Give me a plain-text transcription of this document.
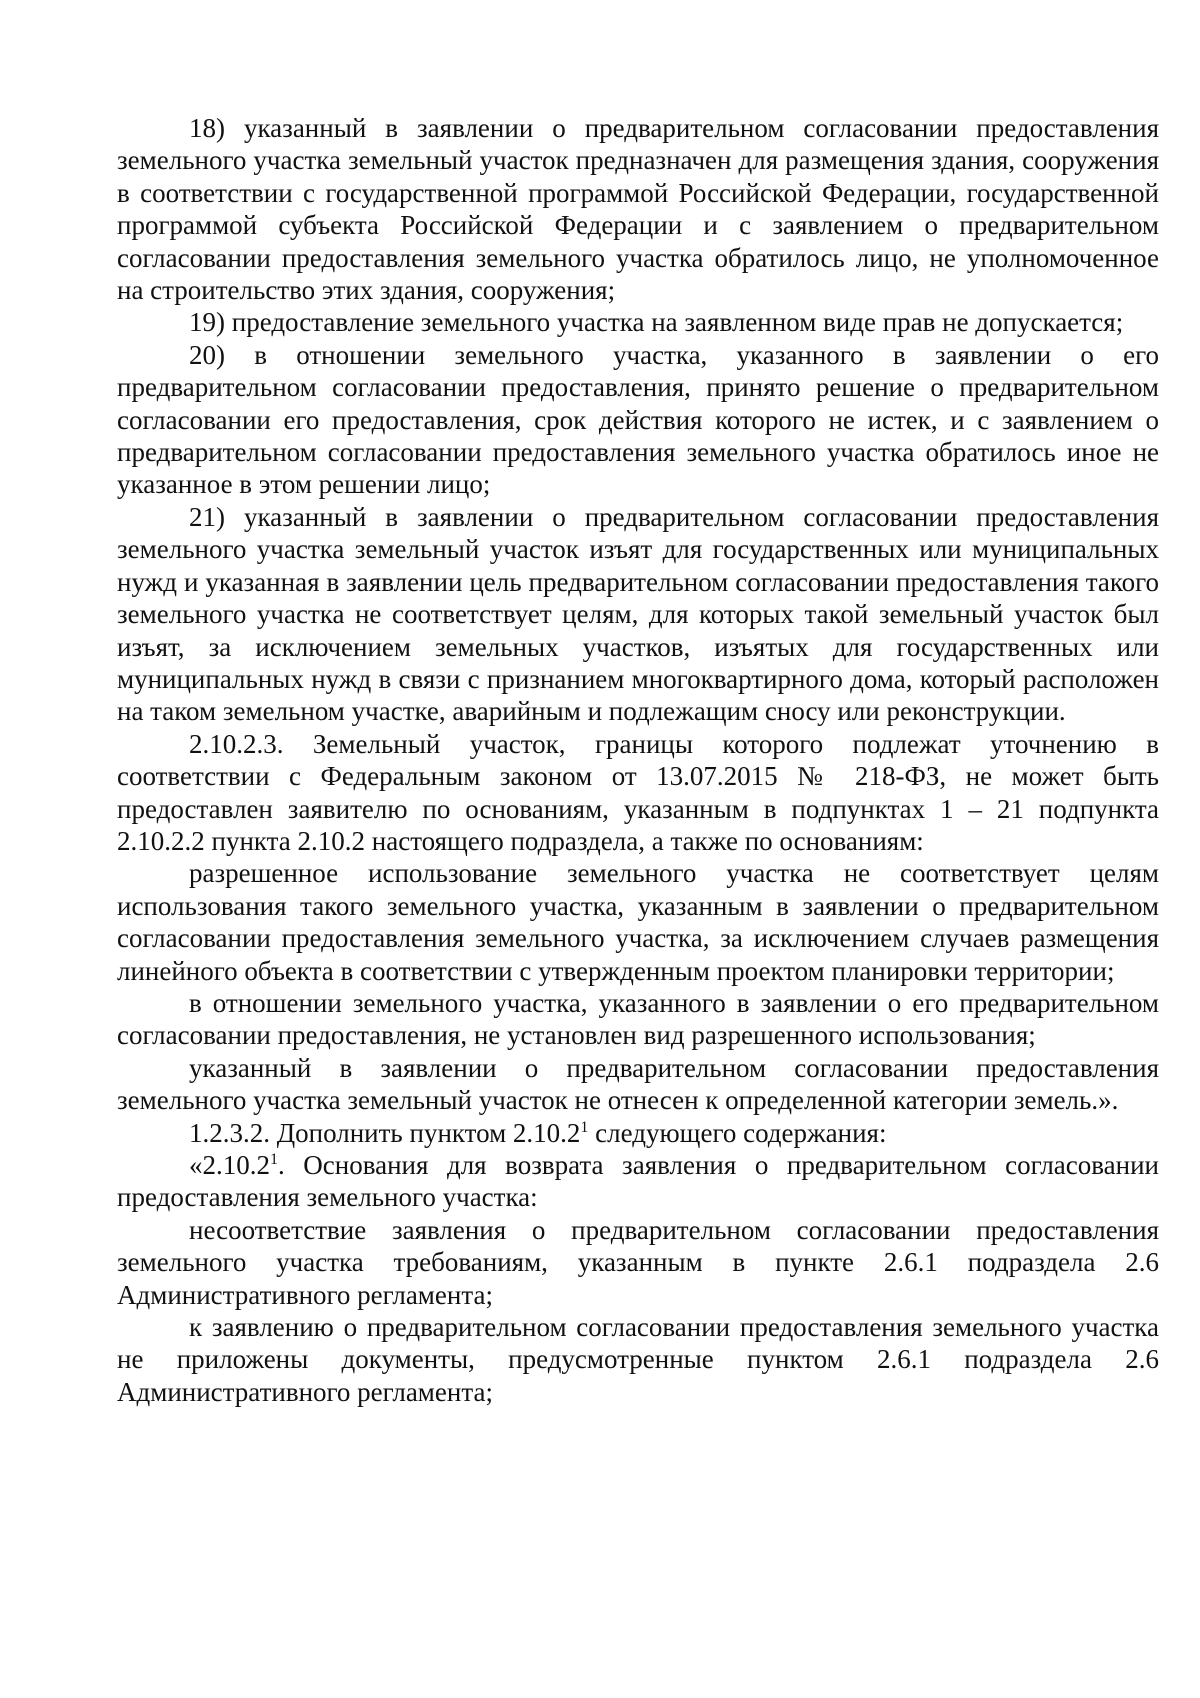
18) указанный в заявлении о предварительном согласовании предоставления земельного участка земельный участок предназначен для размещения здания, сооружения в соответствии с государственной программой Российской Федерации, государственной программой субъекта Российской Федерации и с заявлением о предварительном согласовании предоставления земельного участка обратилось лицо, не уполномоченное на строительство этих здания, сооружения;

19) предоставление земельного участка на заявленном виде прав не допускается;

20) в отношении земельного участка, указанного в заявлении о его предварительном согласовании предоставления, принято решение о предварительном согласовании его предоставления, срок действия которого не истек, и с заявлением о предварительном согласовании предоставления земельного участка обратилось иное не указанное в этом решении лицо;

21) указанный в заявлении о предварительном согласовании предоставления земельного участка земельный участок изъят для государственных или муниципальных нужд и указанная в заявлении цель предварительном согласовании предоставления такого земельного участка не соответствует целям, для которых такой земельный участок был изъят, за исключением земельных участков, изъятых для государственных или муниципальных нужд в связи с признанием многоквартирного дома, который расположен на таком земельном участке, аварийным и подлежащим сносу или реконструкции.

2.10.2.3. Земельный участок, границы которого подлежат уточнению в соответствии с Федеральным законом от 13.07.2015 № 218-ФЗ, не может быть предоставлен заявителю по основаниям, указанным в подпунктах 1 – 21 подпункта 2.10.2.2 пункта 2.10.2 настоящего подраздела, а также по основаниям:

разрешенное использование земельного участка не соответствует целям использования такого земельного участка, указанным в заявлении о предварительном согласовании предоставления земельного участка, за исключением случаев размещения линейного объекта в соответствии с утвержденным проектом планировки территории;

в отношении земельного участка, указанного в заявлении о его предварительном согласовании предоставления, не установлен вид разрешенного использования;

указанный в заявлении о предварительном согласовании предоставления земельного участка земельный участок не отнесен к определенной категории земель.».

1.2.3.2. Дополнить пунктом 2.10.2$^1$ следующего содержания:

«2.10.2$^1$. Основания для возврата заявления о предварительном согласовании предоставления земельного участка:

несоответствие заявления о предварительном согласовании предоставления земельного участка требованиям, указанным в пункте 2.6.1 подраздела 2.6 Административного регламента;

к заявлению о предварительном согласовании предоставления земельного участка не приложены документы, предусмотренные пунктом 2.6.1 подраздела 2.6 Административного регламента;
